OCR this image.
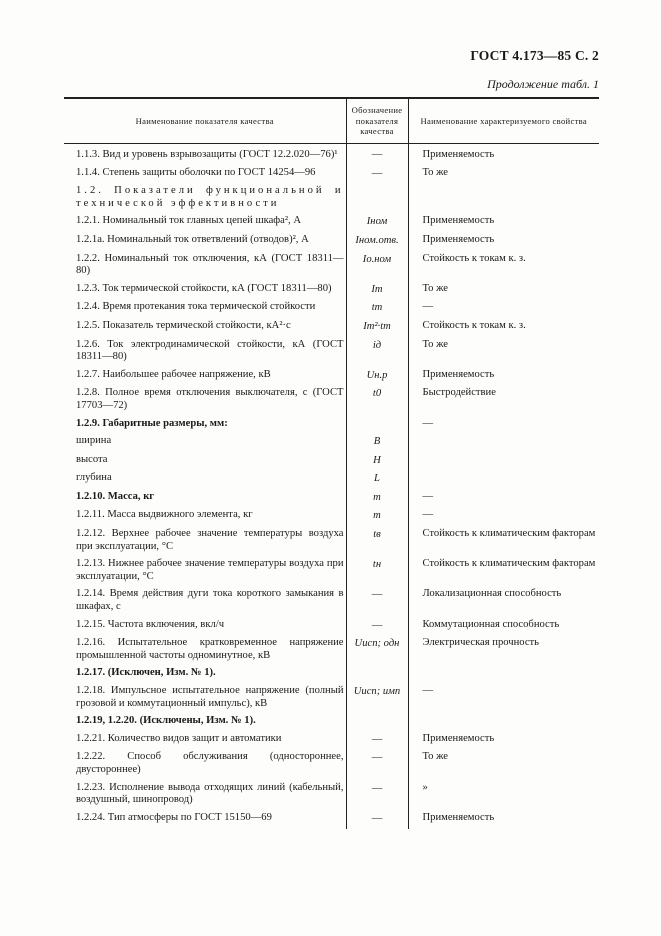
ГОСТ 4.173—85 С. 2
Продолжение табл. 1
Наименование показателя качества	Обозначение показателя качества	Наименование характеризуемого свойства

1.1.3. Вид и уровень взрывозащиты (ГОСТ 12.2.020—76)¹	—	Применяемость

1.1.4. Степень защиты оболочки по ГОСТ 14254—96	—	То же

1.2. Показатели функциональной и технической эффективности		

1.2.1. Номинальный ток главных цепей шкафа², А	Iном	Применяемость

1.2.1а. Номинальный ток ответвлений (отводов)², А	Iном.отв.	Применяемость

1.2.2. Номинальный ток отключения, кА (ГОСТ 18311—80)	Iо.ном	Стойкость к токам к. з.

1.2.3. Ток термической стойкости, кА (ГОСТ 18311—80)	Iт	То же

1.2.4. Время протекания тока термической стойкости	tт	—

1.2.5. Показатель термической стойкости, кА²·с	Iт²·tт	Стойкость к токам к. з.

1.2.6. Ток электродинамической стойкости, кА (ГОСТ 18311—80)	iд	То же

1.2.7. Наибольшее рабочее напряжение, кВ	Uн.р	Применяемость

1.2.8. Полное время отключения выключателя, с (ГОСТ 17703—72)	t0	Быстродействие

1.2.9. Габаритные размеры, мм:		—

ширина	B	

высота	H	

глубина	L	

1.2.10. Масса, кг	m	—

1.2.11. Масса выдвижного элемента, кг	m	—

1.2.12. Верхнее рабочее значение температуры воздуха при эксплуатации, °С	tв	Стойкость к климатическим факторам

1.2.13. Нижнее рабочее значение температуры воздуха при эксплуатации, °С	tн	Стойкость к климатическим факторам

1.2.14. Время действия дуги тока короткого замыкания в шкафах, с	—	Локализационная способность

1.2.15. Частота включения, вкл/ч	—	Коммутационная способность

1.2.16. Испытательное кратковременное напряжение промышленной частоты одноминутное, кВ	Uисп; одн	Электрическая прочность

1.2.17. (Исключен, Изм. № 1).		

1.2.18. Импульсное испытательное напряжение (полный грозовой и коммутационный импульс), кВ	Uисп; имп	—

1.2.19, 1.2.20. (Исключены, Изм. № 1).		

1.2.21. Количество видов защит и автоматики	—	Применяемость

1.2.22. Способ обслуживания (одностороннее, двустороннее)	—	То же

1.2.23. Исполнение вывода отходящих линий (кабельный, воздушный, шинопровод)	—	»

1.2.24. Тип атмосферы по ГОСТ 15150—69	—	Применяемость
